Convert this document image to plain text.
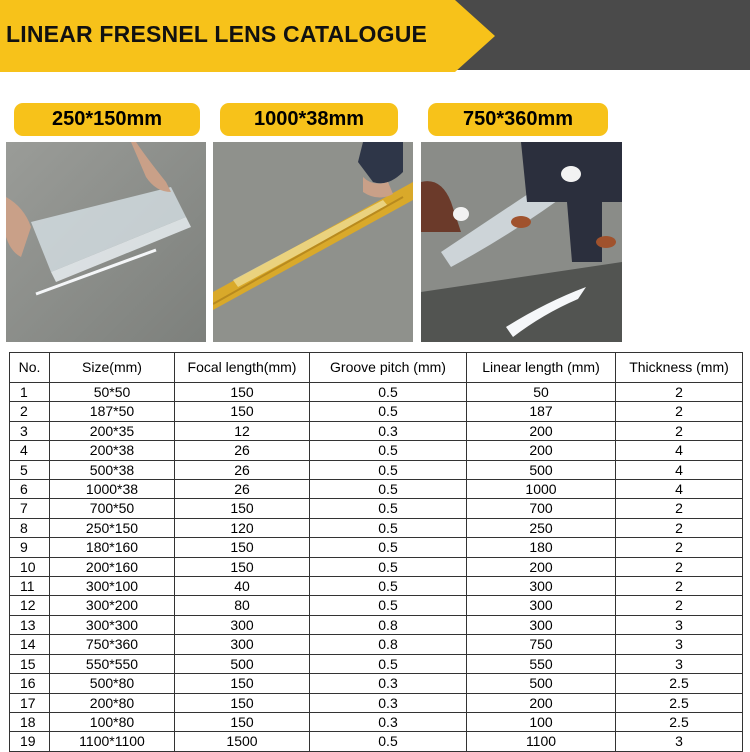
LINEAR FRESNEL LENS CATALOGUE
250*150mm	1000*38mm	750*360mm
No.	Size(mm)	Focal length(mm)	Groove pitch (mm)	Linear length (mm)	Thickness (mm)
1	50*50	150	0.5	50	2
2	187*50	150	0.5	187	2
3	200*35	12	0.3	200	2
4	200*38	26	0.5	200	4
5	500*38	26	0.5	500	4
6	1000*38	26	0.5	1000	4
7	700*50	150	0.5	700	2
8	250*150	120	0.5	250	2
9	180*160	150	0.5	180	2
10	200*160	150	0.5	200	2
11	300*100	40	0.5	300	2
12	300*200	80	0.5	300	2
13	300*300	300	0.8	300	3
14	750*360	300	0.8	750	3
15	550*550	500	0.5	550	3
16	500*80	150	0.3	500	2.5
17	200*80	150	0.3	200	2.5
18	100*80	150	0.3	100	2.5
19	1100*1100	1500	0.5	1100	3
